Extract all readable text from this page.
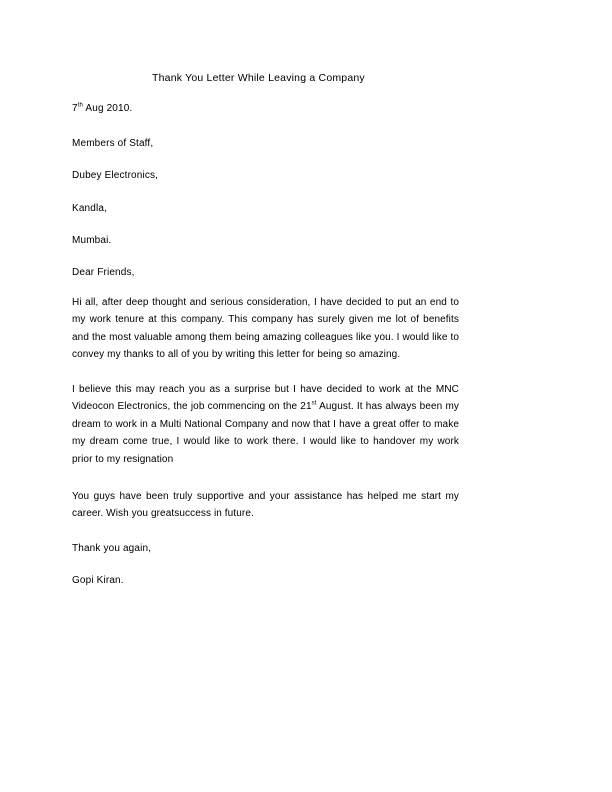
Thank You Letter While Leaving a Company
7th Aug 2010.
Members of Staff,
Dubey Electronics,
Kandla,
Mumbai.
Dear Friends,
Hi all, after deep thought and serious consideration, I have decided to put an end to my work tenure at this company. This company has surely given me lot of benefits and the most valuable among them being amazing colleagues like you. I would like to convey my thanks to all of you by writing this letter for being so amazing.
I believe this may reach you as a surprise but I have decided to work at the MNC Videocon Electronics, the job commencing on the 21st August. It has always been my dream to work in a Multi National Company and now that I have a great offer to make my dream come true, I would like to work there. I would like to handover my work prior to my resignation
You guys have been truly supportive and your assistance has helped me start my career. Wish you greatsuccess in future.
Thank you again,
Gopi Kiran.
